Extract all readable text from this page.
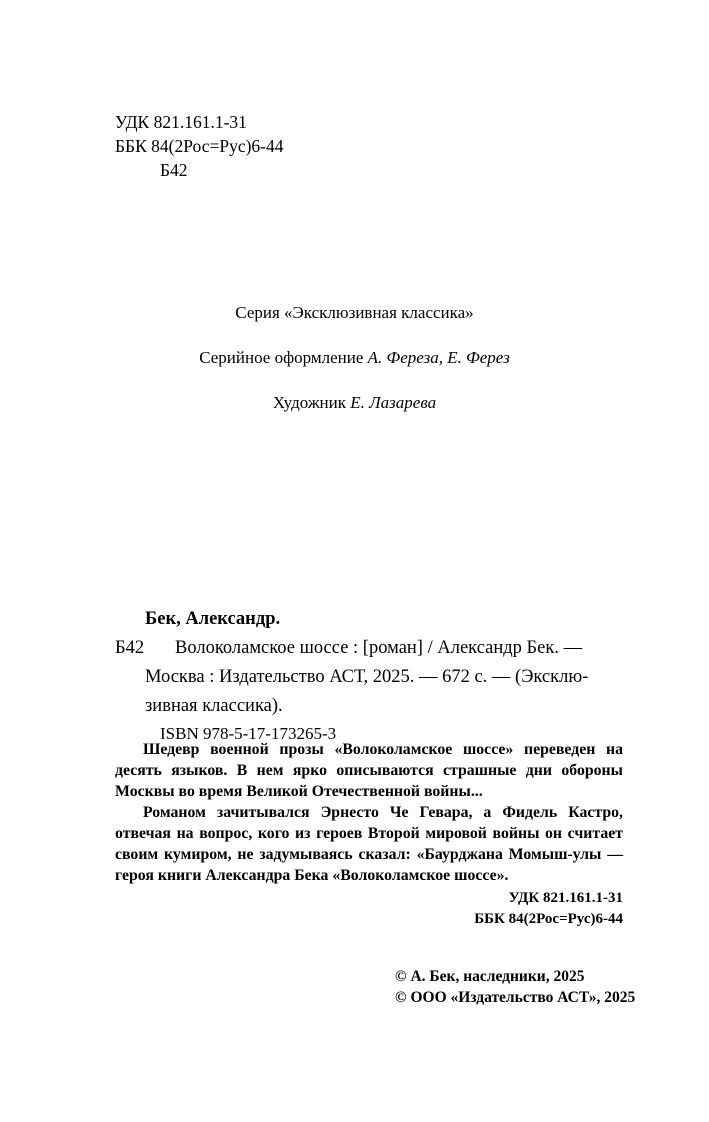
УДК 821.161.1-31
ББК 84(2Рос=Рус)6-44
Б42
Серия «Эксклюзивная классика»
Серийное оформление А. Фереза, Е. Ферез
Художник Е. Лазарева
Бек, Александр.
Б42 Волоколамское шоссе : [роман] / Александр Бек. —
Москва : Издательство АСТ, 2025. — 672 с. — (Эксклю-
зивная классика).
ISBN 978-5-17-173265-3

Шедевр военной прозы «Волоколамское шоссе» переведен на десять языков. В нем ярко описываются страшные дни обороны Москвы во время Великой Отечественной войны...

Романом зачитывался Эрнесто Че Гевара, а Фидель Кастро, отвечая на вопрос, кого из героев Второй мировой войны он считает своим кумиром, не задумываясь сказал: «Баурджана Момыш-улы — героя книги Александра Бека «Волоколамское шоссе».

УДК 821.161.1-31
ББК 84(2Рос=Рус)6-44
© А. Бек, наследники, 2025
© ООО «Издательство АСТ», 2025
